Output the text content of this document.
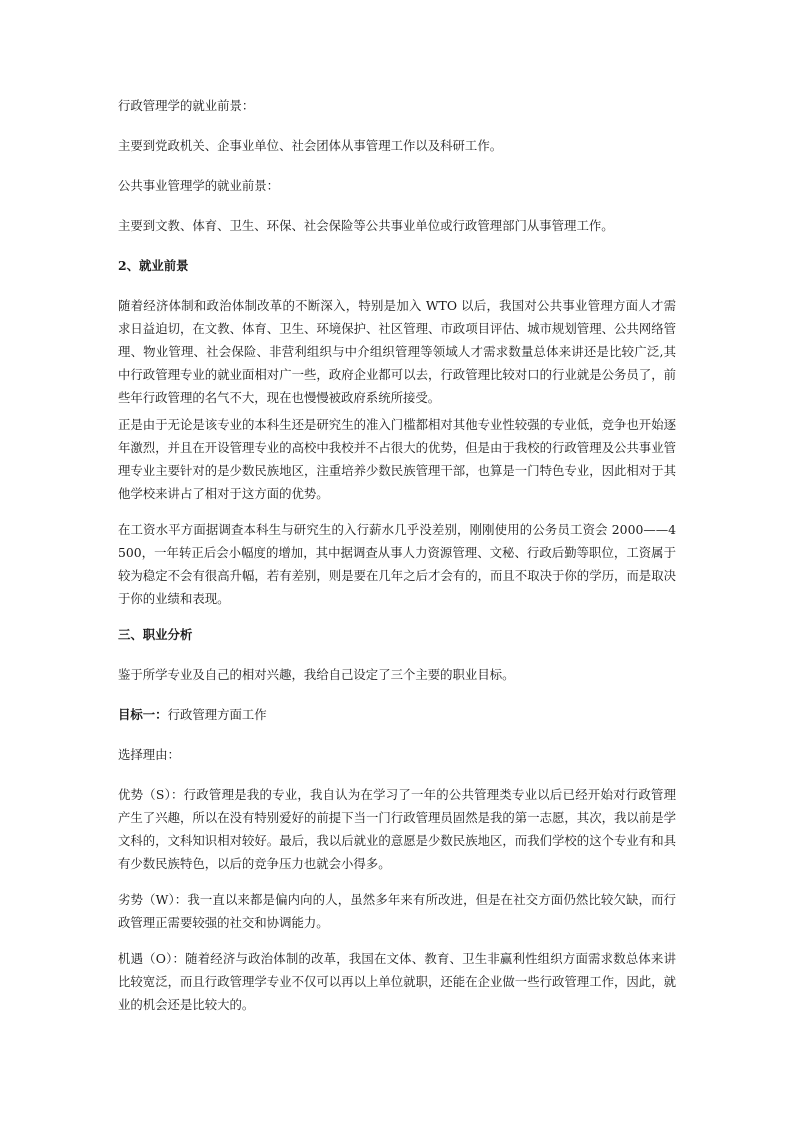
行政管理学的就业前景：

主要到党政机关、企事业单位、社会团体从事管理工作以及科研工作。

公共事业管理学的就业前景：

主要到文教、体育、卫生、环保、社会保险等公共事业单位或行政管理部门从事管理工作。

2、就业前景

随着经济体制和政治体制改革的不断深入，特别是加入 WTO 以后，我国对公共事业管理方面人才需求日益迫切，在文教、体育、卫生、环境保护、社区管理、市政项目评估、城市规划管理、公共网络管理、物业管理、社会保险、非营利组织与中介组织管理等领域人才需求数量总体来讲还是比较广泛,其中行政管理专业的就业面相对广一些，政府企业都可以去，行政管理比较对口的行业就是公务员了，前些年行政管理的名气不大，现在也慢慢被政府系统所接受。

正是由于无论是该专业的本科生还是研究生的准入门槛都相对其他专业性较强的专业低，竞争也开始逐年激烈，并且在开设管理专业的高校中我校并不占很大的优势，但是由于我校的行政管理及公共事业管理专业主要针对的是少数民族地区，注重培养少数民族管理干部，也算是一门特色专业，因此相对于其他学校来讲占了相对于这方面的优势。

在工资水平方面据调查本科生与研究生的入行薪水几乎没差别，刚刚使用的公务员工资会 2000——4500，一年转正后会小幅度的增加，其中据调查从事人力资源管理、文秘、行政后勤等职位，工资属于较为稳定不会有很高升幅，若有差别，则是要在几年之后才会有的，而且不取决于你的学历，而是取决于你的业绩和表现。

三、职业分析

鉴于所学专业及自己的相对兴趣，我给自己设定了三个主要的职业目标。

目标一：行政管理方面工作

选择理由：

优势（S）：行政管理是我的专业，我自认为在学习了一年的公共管理类专业以后已经开始对行政管理产生了兴趣，所以在没有特别爱好的前提下当一门行政管理员固然是我的第一志愿，其次，我以前是学文科的，文科知识相对较好。最后，我以后就业的意愿是少数民族地区，而我们学校的这个专业有和具有少数民族特色，以后的竞争压力也就会小得多。

劣势（W）：我一直以来都是偏内向的人，虽然多年来有所改进，但是在社交方面仍然比较欠缺，而行政管理正需要较强的社交和协调能力。

机遇（O）：随着经济与政治体制的改革，我国在文体、教育、卫生非赢利性组织方面需求数总体来讲比较宽泛，而且行政管理学专业不仅可以再以上单位就职，还能在企业做一些行政管理工作，因此，就业的机会还是比较大的。
